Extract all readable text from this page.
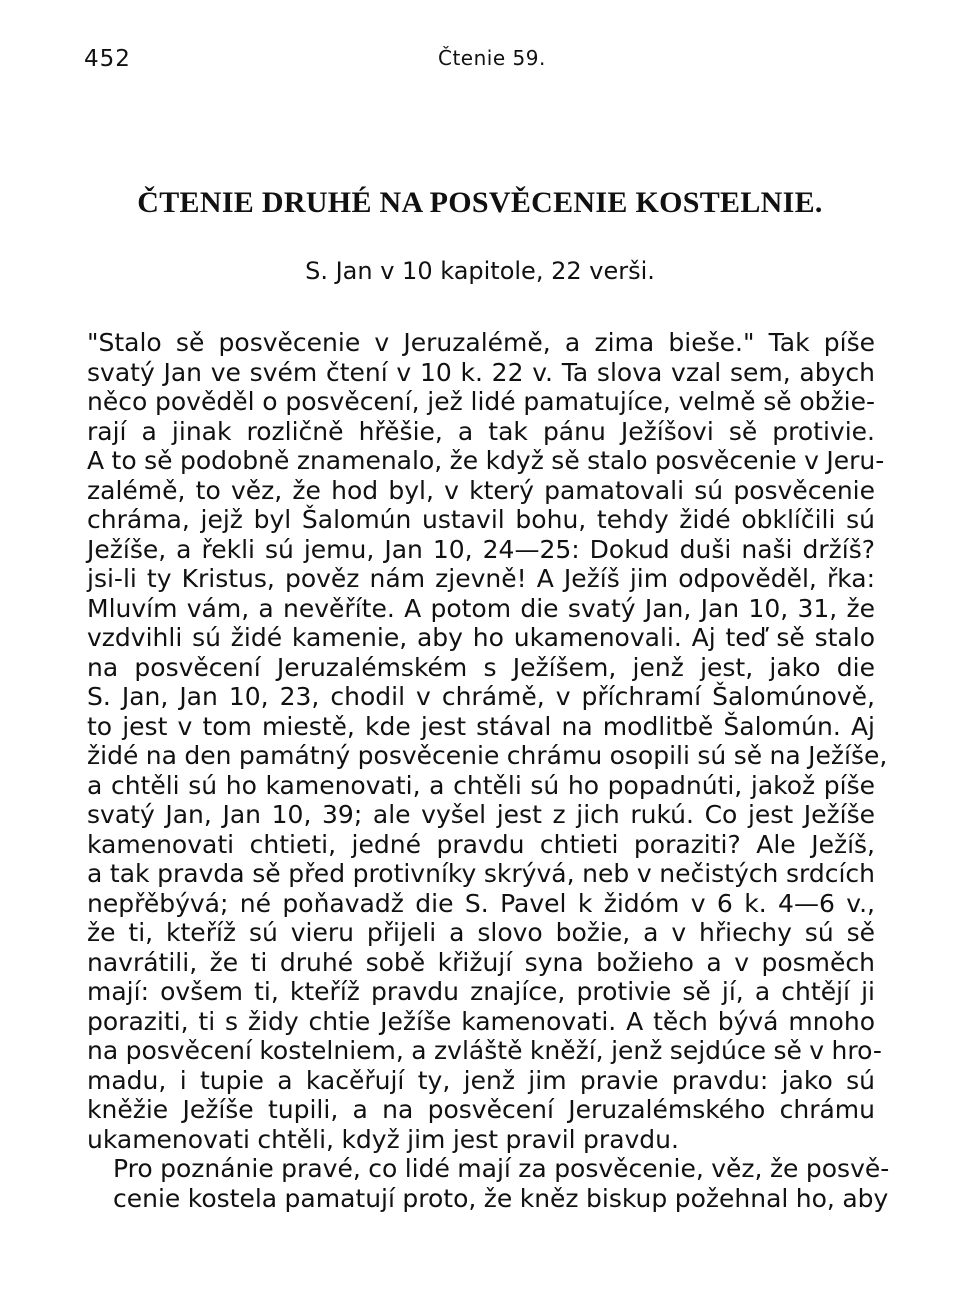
452	Čtenie 59.
ČTENIE DRUHÉ NA POSVĚCENIE KOSTELNIE.
S. Jan v 10 kapitole, 22 verši.
"Stalo sě posvěcenie v Jeruzalémě, a zima bieše." Tak píše
svatý Jan ve svém čtení v 10 k. 22 v. Ta slova vzal sem, abych
něco pověděl o posvěcení, jež lidé pamatujíce, velmě sě obžie-
rají a jinak rozličně hřěšie, a tak pánu Ježíšovi sě protivie.
A to sě podobně znamenalo, že když sě stalo posvěcenie v Jeru-
zalémě, to věz, že hod byl, v který pamatovali sú posvěcenie
chráma, jejž byl Šalomún ustavil bohu, tehdy židé obklíčili sú
Ježíše, a řekli sú jemu, Jan 10, 24—25: Dokud duši naši držíš?
jsi-li ty Kristus, pověz nám zjevně! A Ježíš jim odpověděl, řka:
Mluvím vám, a nevěříte. A potom die svatý Jan, Jan 10, 31, že
vzdvihli sú židé kamenie, aby ho ukamenovali. Aj teď sě stalo
na posvěcení Jeruzalémském s Ježíšem, jenž jest, jako die
S. Jan, Jan 10, 23, chodil v chrámě, v příchramí Šalomúnově,
to jest v tom miestě, kde jest stával na modlitbě Šalomún. Aj
židé na den památný posvěcenie chrámu osopili sú sě na Ježíše,
a chtěli sú ho kamenovati, a chtěli sú ho popadnúti, jakož píše
svatý Jan, Jan 10, 39; ale vyšel jest z jich rukú. Co jest Ježíše
kamenovati chtieti, jedné pravdu chtieti poraziti? Ale Ježíš,
a tak pravda sě před protivníky skrývá, neb v nečistých srdcích
nepřěbývá; né poňavadž die S. Pavel k židóm v 6 k. 4—6 v.,
že ti, kteříž sú vieru přijeli a slovo božie, a v hřiechy sú sě
navrátili, že ti druhé sobě křižují syna božieho a v posměch
mají: ovšem ti, kteříž pravdu znajíce, protivie sě jí, a chtějí ji
poraziti, ti s židy chtie Ježíše kamenovati. A těch bývá mnoho
na posvěcení kostelniem, a zvláště kněží, jenž sejdúce sě v hro-
madu, i tupie a kacěřují ty, jenž jim pravie pravdu: jako sú
kněžie Ježíše tupili, a na posvěcení Jeruzalémského chrámu
ukamenovati chtěli, když jim jest pravil pravdu.
Pro poznánie pravé, co lidé mají za posvěcenie, věz, že posvě-
cenie kostela pamatují proto, že kněz biskup požehnal ho, aby
